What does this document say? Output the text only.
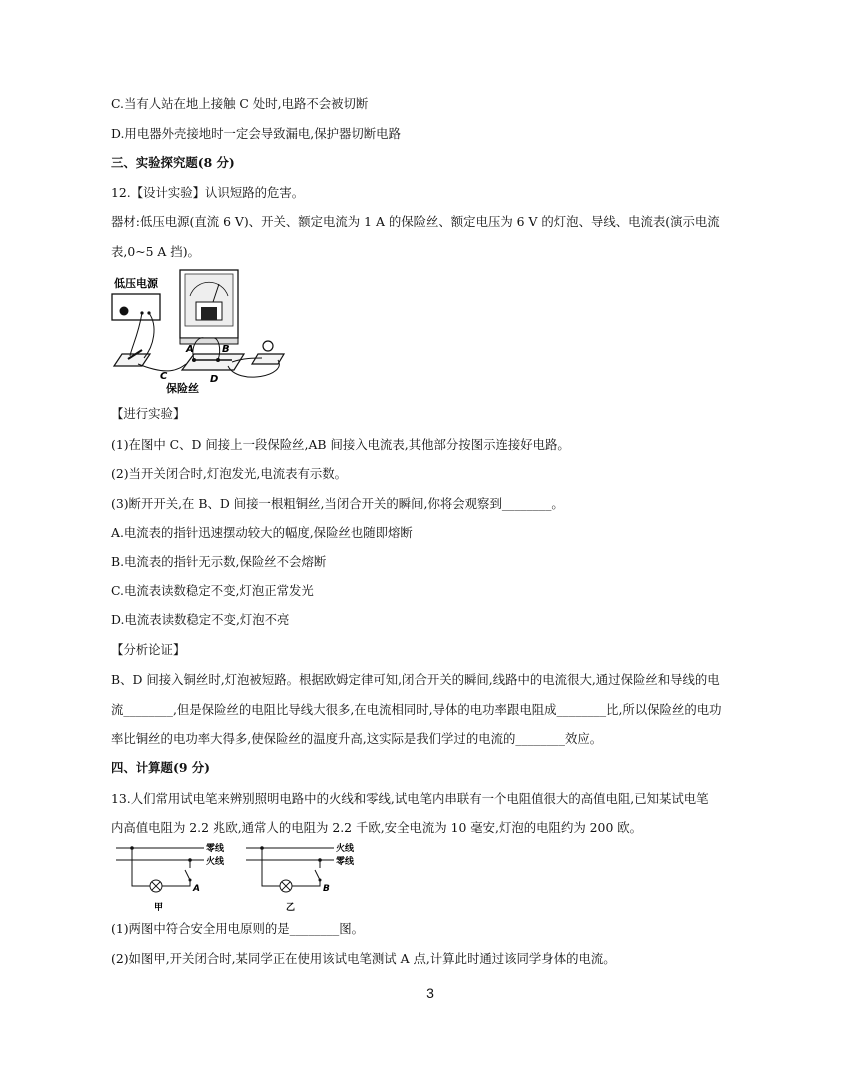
C.当有人站在地上接触 C 处时,电路不会被切断
D.用电器外壳接地时一定会导致漏电,保护器切断电路
三、实验探究题(8 分)
12.【设计实验】认识短路的危害。
器材:低压电源(直流 6 V)、开关、额定电流为 1 A 的保险丝、额定电压为 6 V 的灯泡、导线、电流表(演示电流
表,0~5 A 挡)。
低压电源
A	B
C	D
保险丝
【进行实验】
(1)在图中 C、D 间接上一段保险丝,AB 间接入电流表,其他部分按图示连接好电路。
(2)当开关闭合时,灯泡发光,电流表有示数。
(3)断开开关,在 B、D 间接一根粗铜丝,当闭合开关的瞬间,你将会观察到________。
A.电流表的指针迅速摆动较大的幅度,保险丝也随即熔断
B.电流表的指针无示数,保险丝不会熔断
C.电流表读数稳定不变,灯泡正常发光
D.电流表读数稳定不变,灯泡不亮
【分析论证】
B、D 间接入铜丝时,灯泡被短路。根据欧姆定律可知,闭合开关的瞬间,线路中的电流很大,通过保险丝和导线的电
流________,但是保险丝的电阻比导线大很多,在电流相同时,导体的电功率跟电阻成________比,所以保险丝的电功
率比铜丝的电功率大得多,使保险丝的温度升高,这实际是我们学过的电流的________效应。
四、计算题(9 分)
13.人们常用试电笔来辨别照明电路中的火线和零线,试电笔内串联有一个电阻值很大的高值电阻,已知某试电笔
内高值电阻为 2.2 兆欧,通常人的电阻为 2.2 千欧,安全电流为 10 毫安,灯泡的电阻约为 200 欧。
零线
火线
A
甲
火线
零线
B
乙
(1)两图中符合安全用电原则的是________图。
(2)如图甲,开关闭合时,某同学正在使用该试电笔测试 A 点,计算此时通过该同学身体的电流。
3
